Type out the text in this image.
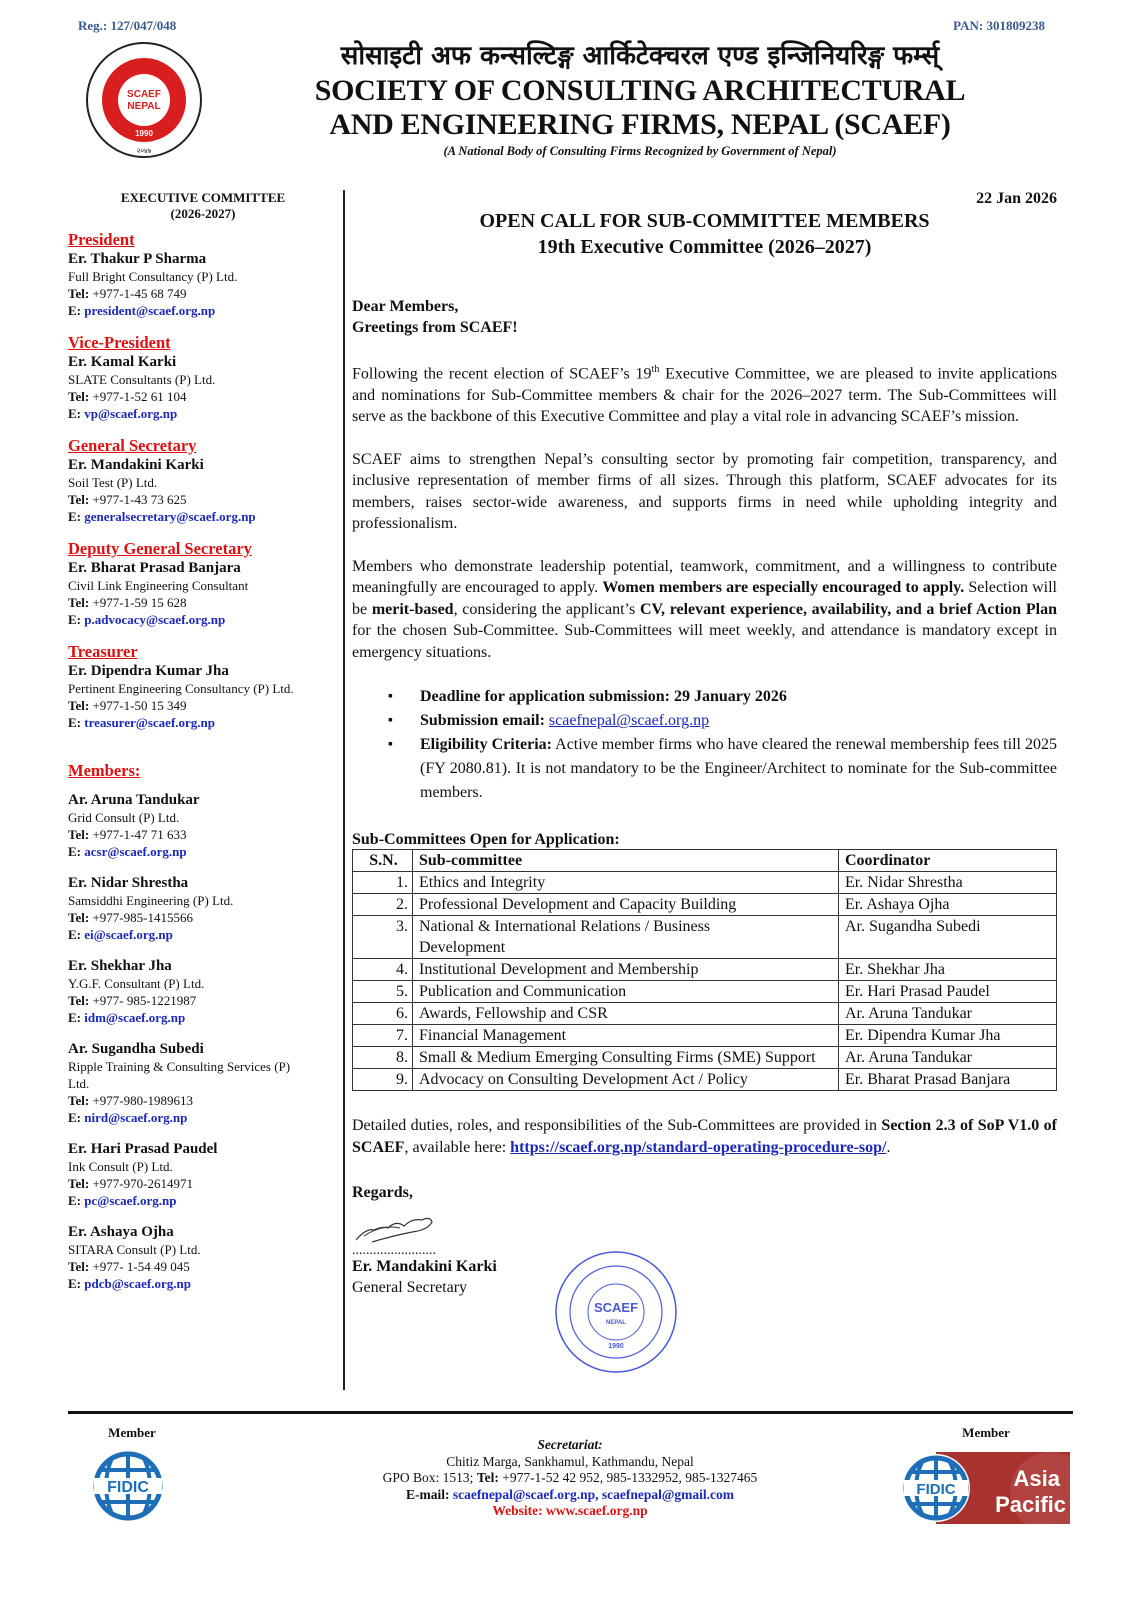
Reg.: 127/047/048	PAN: 301809238
SCAEF
NEPAL
1990
२०४७
सोसाइटी अफ कन्सल्टिङ्ग आर्किटेक्चरल एण्ड इन्जिनियरिङ्ग फर्म्स्
SOCIETY OF CONSULTING ARCHITECTURAL
AND ENGINEERING FIRMS, NEPAL (SCAEF)
(A National Body of Consulting Firms Recognized by Government of Nepal)
EXECUTIVE COMMITTEE
(2026-2027)
President
Er. Thakur P Sharma
Full Bright Consultancy (P) Ltd.
Tel: +977-1-45 68 749
E: president@scaef.org.np
Vice-President
Er. Kamal Karki
SLATE Consultants (P) Ltd.
Tel: +977-1-52 61 104
E: vp@scaef.org.np
General Secretary
Er. Mandakini Karki
Soil Test (P) Ltd.
Tel: +977-1-43 73 625
E: generalsecretary@scaef.org.np
Deputy General Secretary
Er. Bharat Prasad Banjara
Civil Link Engineering Consultant
Tel: +977-1-59 15 628
E: p.advocacy@scaef.org.np
Treasurer
Er. Dipendra Kumar Jha
Pertinent Engineering Consultancy (P) Ltd.
Tel: +977-1-50 15 349
E: treasurer@scaef.org.np
Members:
Ar. Aruna Tandukar
Grid Consult (P) Ltd.
Tel: +977-1-47 71 633
E: acsr@scaef.org.np
Er. Nidar Shrestha
Samsiddhi Engineering (P) Ltd.
Tel: +977-985-1415566
E: ei@scaef.org.np
Er. Shekhar Jha
Y.G.F. Consultant (P) Ltd.
Tel: +977- 985-1221987
E: idm@scaef.org.np
Ar. Sugandha Subedi
Ripple Training & Consulting Services (P) Ltd.
Tel: +977-980-1989613
E: nird@scaef.org.np
Er. Hari Prasad Paudel
Ink Consult (P) Ltd.
Tel: +977-970-2614971
E: pc@scaef.org.np
Er. Ashaya Ojha
SITARA Consult (P) Ltd.
Tel: +977- 1-54 49 045
E: pdcb@scaef.org.np
22 Jan 2026
OPEN CALL FOR SUB-COMMITTEE MEMBERS
19th Executive Committee (2026–2027)
Dear Members,
Greetings from SCAEF!

Following the recent election of SCAEF’s 19th Executive Committee, we are pleased to invite applications and nominations for Sub-Committee members & chair for the 2026–2027 term. The Sub-Committees will serve as the backbone of this Executive Committee and play a vital role in advancing SCAEF’s mission.

SCAEF aims to strengthen Nepal’s consulting sector by promoting fair competition, transparency, and inclusive representation of member firms of all sizes. Through this platform, SCAEF advocates for its members, raises sector-wide awareness, and supports firms in need while upholding integrity and professionalism.

Members who demonstrate leadership potential, teamwork, commitment, and a willingness to contribute meaningfully are encouraged to apply. Women members are especially encouraged to apply. Selection will be merit-based, considering the applicant’s CV, relevant experience, availability, and a brief Action Plan for the chosen Sub-Committee. Sub-Committees will meet weekly, and attendance is mandatory except in emergency situations.

▪ Deadline for application submission: 29 January 2026
▪ Submission email: scaefnepal@scaef.org.np
▪ Eligibility Criteria: Active member firms who have cleared the renewal membership fees till 2025 (FY 2080.81). It is not mandatory to be the Engineer/Architect to nominate for the Sub-committee members.
Sub-Committees Open for Application:
S.N.	Sub-committee	Coordinator
1.	Ethics and Integrity	Er. Nidar Shrestha
2.	Professional Development and Capacity Building	Er. Ashaya Ojha
3.	National & International Relations / Business Development	Ar. Sugandha Subedi
4.	Institutional Development and Membership	Er. Shekhar Jha
5.	Publication and Communication	Er. Hari Prasad Paudel
6.	Awards, Fellowship and CSR	Ar. Aruna Tandukar
7.	Financial Management	Er. Dipendra Kumar Jha
8.	Small & Medium Emerging Consulting Firms (SME) Support	Ar. Aruna Tandukar
9.	Advocacy on Consulting Development Act / Policy	Er. Bharat Prasad Banjara

Detailed duties, roles, and responsibilities of the Sub-Committees are provided in Section 2.3 of SoP V1.0 of SCAEF, available here: https://scaef.org.np/standard-operating-procedure-sop/.

Regards,
........................
Er. Mandakini Karki
General Secretary
SCAEF
NEPAL
1990
Member
FIDIC
Secretariat:
Chitiz Marga, Sankhamul, Kathmandu, Nepal
GPO Box: 1513; Tel: +977-1-52 42 952, 985-1332952, 985-1327465
E-mail: scaefnepal@scaef.org.np, scaefnepal@gmail.com
Website: www.scaef.org.np
Member
FIDIC	Asia
Pacific
